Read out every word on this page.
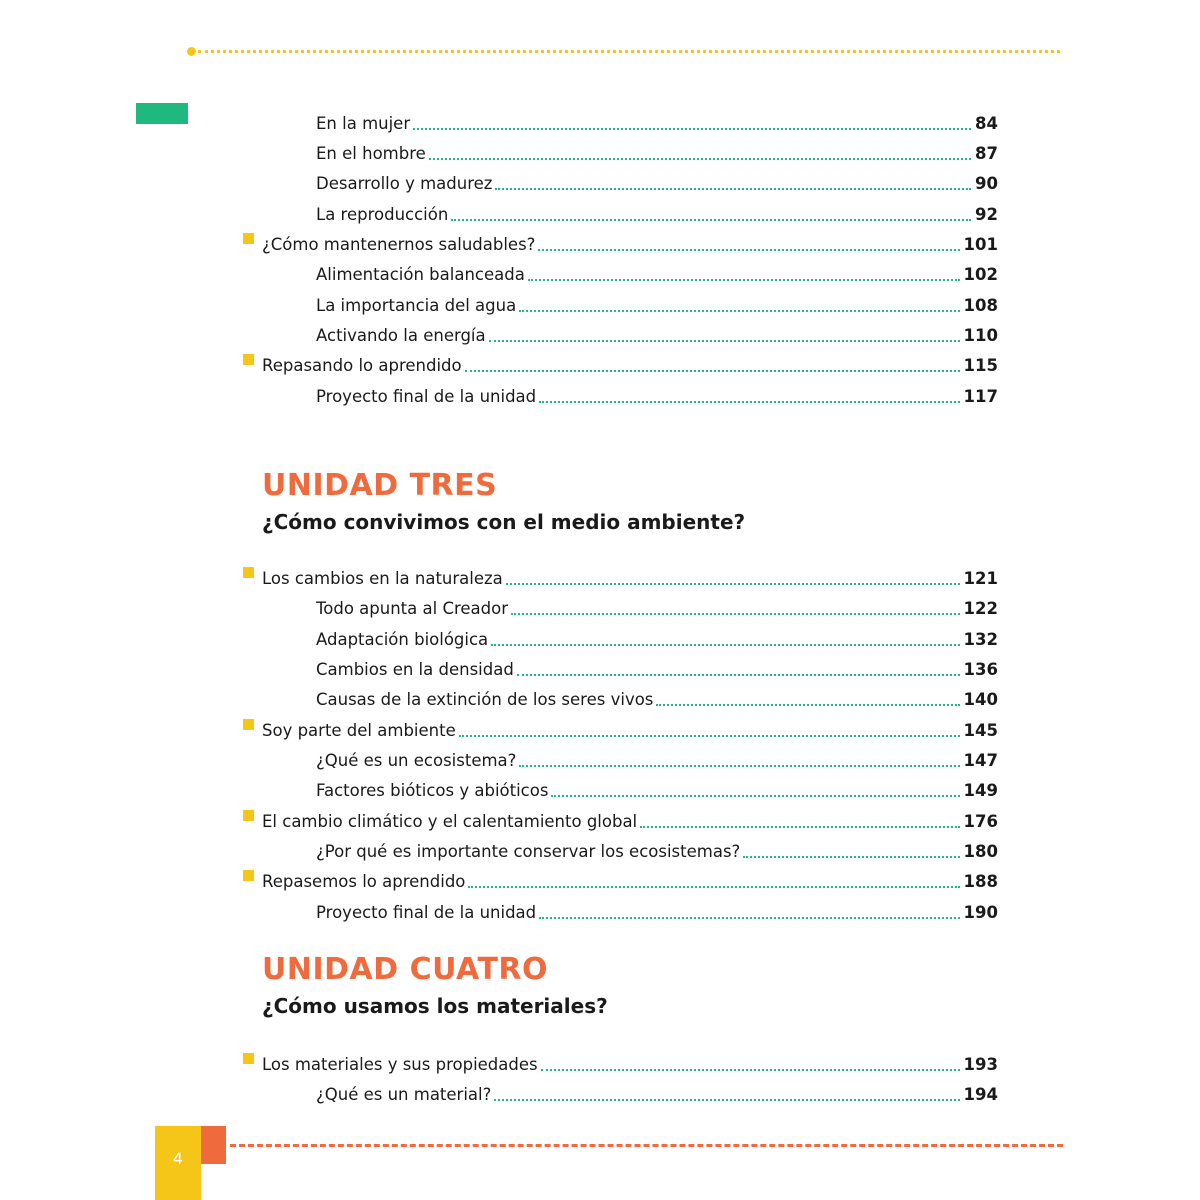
En la mujer	84
En el hombre	87
Desarrollo y madurez	90
La reproducción	92
¿Cómo mantenernos saludables?	101
Alimentación balanceada	102
La importancia del agua	108
Activando la energía	110
Repasando lo aprendido	115
Proyecto final de la unidad	117
UNIDAD TRES
¿Cómo convivimos con el medio ambiente?
Los cambios en la naturaleza	121
Todo apunta al Creador	122
Adaptación biológica	132
Cambios en la densidad	136
Causas de la extinción de los seres vivos	140
Soy parte del ambiente	145
¿Qué es un ecosistema?	147
Factores bióticos y abióticos	149
El cambio climático y el calentamiento global	176
¿Por qué es importante conservar los ecosistemas?	180
Repasemos lo aprendido	188
Proyecto final de la unidad	190
UNIDAD CUATRO
¿Cómo usamos los materiales?
Los materiales y sus propiedades	193
¿Qué es un material?	194
4
